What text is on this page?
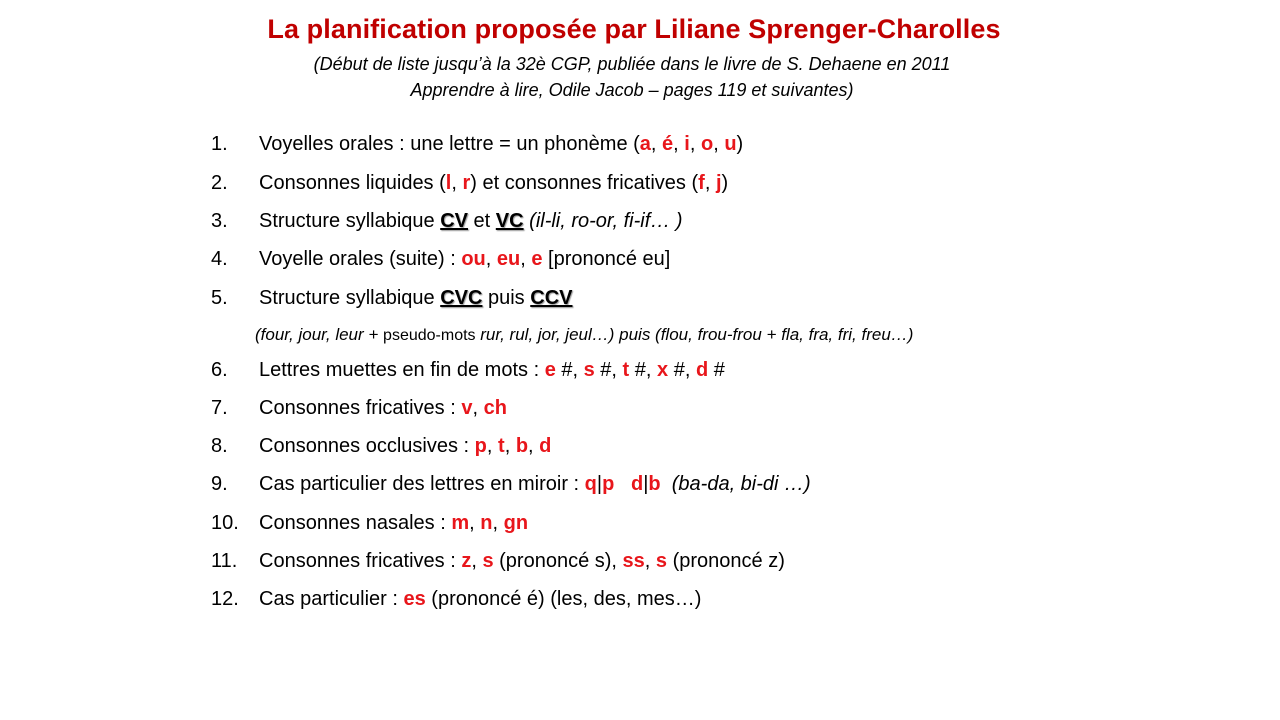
La planification proposée par Liliane Sprenger-Charolles
(Début de liste jusqu’à la 32è CGP, publiée dans le livre de S. Dehaene en 2011
Apprendre à lire, Odile Jacob – pages 119 et suivantes)
1. Voyelles orales : une lettre = un phonème (a, é, i, o, u)
2. Consonnes liquides (l, r) et consonnes fricatives (f, j)
3. Structure syllabique CV et VC (il-li, ro-or, fi-if… )
4. Voyelle orales (suite) : ou, eu, e [prononcé eu]
5. Structure syllabique CVC puis CCV
(four, jour, leur + pseudo-mots rur, rul, jor, jeul…) puis (flou, frou-frou + fla, fra, fri, freu…)
6. Lettres muettes en fin de mots : e #, s #, t #, x #, d #
7. Consonnes fricatives : v, ch
8. Consonnes occlusives : p, t, b, d
9. Cas particulier des lettres en miroir : q|p d|b (ba-da, bi-di …)
10. Consonnes nasales : m, n, gn
11. Consonnes fricatives : z, s (prononcé s), ss, s (prononcé z)
12. Cas particulier : es (prononcé é) (les, des, mes…)
